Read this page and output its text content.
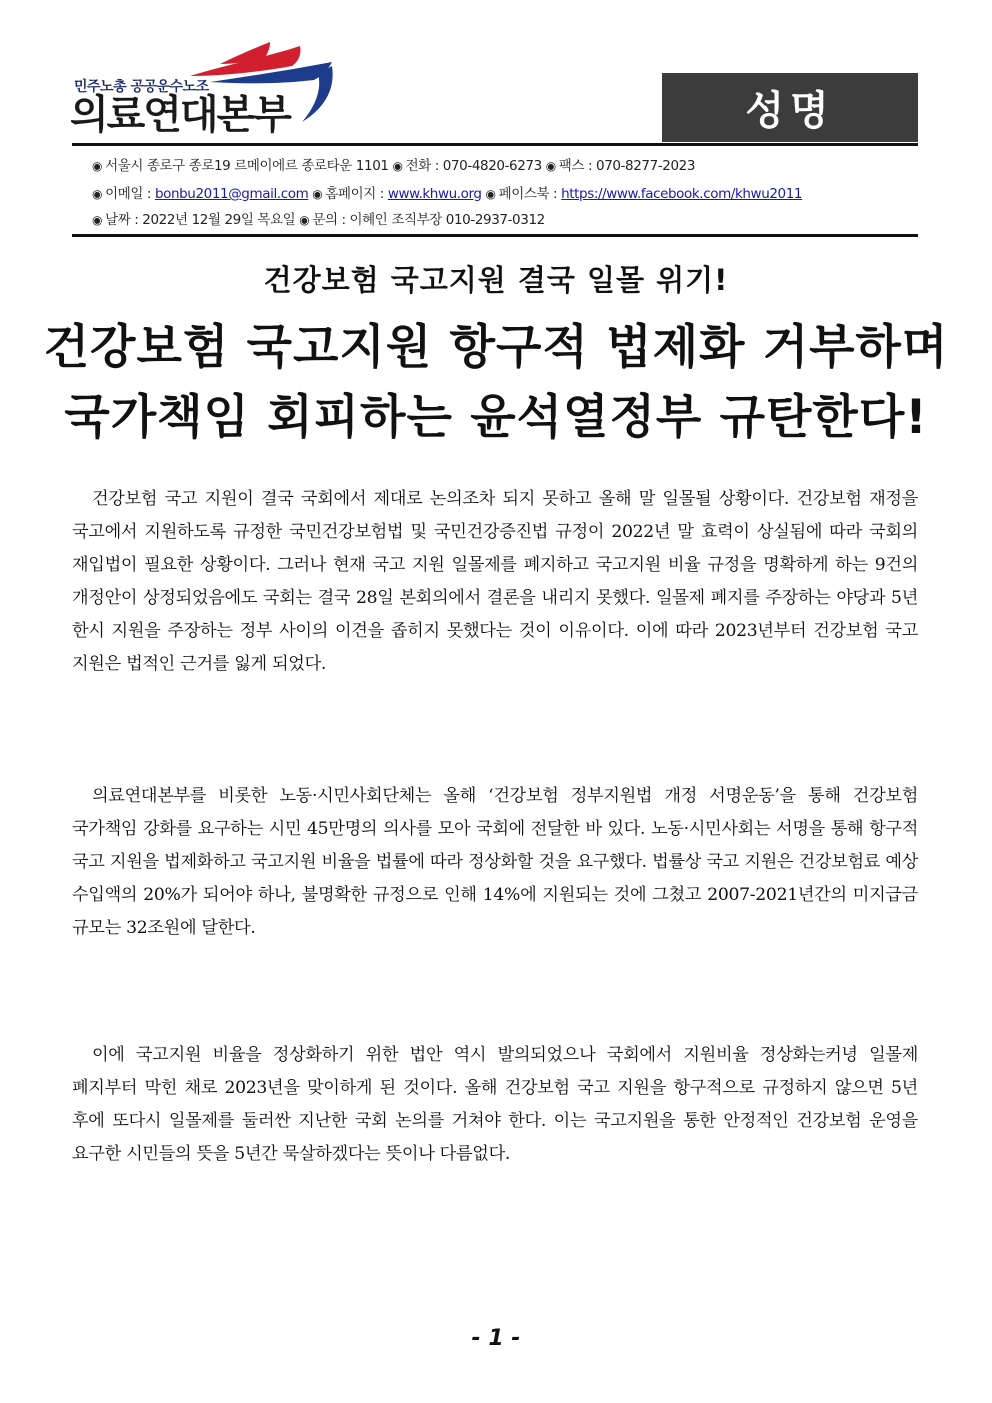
민주노총 공공운수노조
의료연대본부	성명
◉ 서울시 종로구 종로19 르메이에르 종로타운 1101 ◉ 전화 : 070-4820-6273 ◉ 팩스 : 070-8277-2023
◉ 이메일 : bonbu2011@gmail.com ◉ 홈페이지 : www.khwu.org ◉ 페이스북 : https://www.facebook.com/khwu2011
◉ 날짜 : 2022년 12월 29일 목요일 ◉ 문의 : 이혜인 조직부장 010-2937-0312
건강보험 국고지원 결국 일몰 위기!
건강보험 국고지원 항구적 법제화 거부하며
국가책임 회피하는 윤석열정부 규탄한다!
건강보험 국고 지원이 결국 국회에서 제대로 논의조차 되지 못하고 올해 말 일몰될 상황이다. 건강보험 재정을 국고에서 지원하도록 규정한 국민건강보험법 및 국민건강증진법 규정이 2022년 말 효력이 상실됨에 따라 국회의 재입법이 필요한 상황이다. 그러나 현재 국고 지원 일몰제를 폐지하고 국고지원 비율 규정을 명확하게 하는 9건의 개정안이 상정되었음에도 국회는 결국 28일 본회의에서 결론을 내리지 못했다. 일몰제 폐지를 주장하는 야당과 5년 한시 지원을 주장하는 정부 사이의 이견을 좁히지 못했다는 것이 이유이다. 이에 따라 2023년부터 건강보험 국고 지원은 법적인 근거를 잃게 되었다.
의료연대본부를 비롯한 노동·시민사회단체는 올해 ‘건강보험 정부지원법 개정 서명운동’을 통해 건강보험 국가책임 강화를 요구하는 시민 45만명의 의사를 모아 국회에 전달한 바 있다. 노동·시민사회는 서명을 통해 항구적 국고 지원을 법제화하고 국고지원 비율을 법률에 따라 정상화할 것을 요구했다. 법률상 국고 지원은 건강보험료 예상 수입액의 20%가 되어야 하나, 불명확한 규정으로 인해 14%에 지원되는 것에 그쳤고 2007-2021년간의 미지급금 규모는 32조원에 달한다.
이에 국고지원 비율을 정상화하기 위한 법안 역시 발의되었으나 국회에서 지원비율 정상화는커녕 일몰제 폐지부터 막힌 채로 2023년을 맞이하게 된 것이다. 올해 건강보험 국고 지원을 항구적으로 규정하지 않으면 5년 후에 또다시 일몰제를 둘러싼 지난한 국회 논의를 거쳐야 한다. 이는 국고지원을 통한 안정적인 건강보험 운영을 요구한 시민들의 뜻을 5년간 묵살하겠다는 뜻이나 다름없다.
- 1 -
